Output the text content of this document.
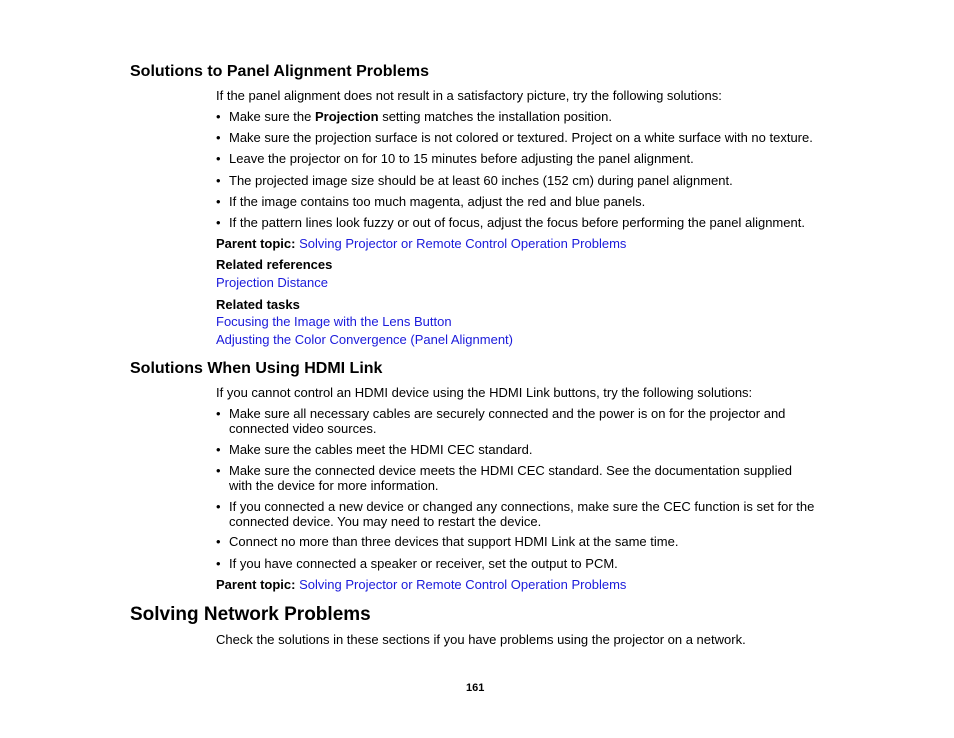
Solutions to Panel Alignment Problems
If the panel alignment does not result in a satisfactory picture, try the following solutions:
• Make sure the Projection setting matches the installation position.
• Make sure the projection surface is not colored or textured. Project on a white surface with no texture.
• Leave the projector on for 10 to 15 minutes before adjusting the panel alignment.
• The projected image size should be at least 60 inches (152 cm) during panel alignment.
• If the image contains too much magenta, adjust the red and blue panels.
• If the pattern lines look fuzzy or out of focus, adjust the focus before performing the panel alignment.
Parent topic: Solving Projector or Remote Control Operation Problems
Related references
Projection Distance
Related tasks
Focusing the Image with the Lens Button
Adjusting the Color Convergence (Panel Alignment)
Solutions When Using HDMI Link
If you cannot control an HDMI device using the HDMI Link buttons, try the following solutions:
• Make sure all necessary cables are securely connected and the power is on for the projector and
connected video sources.
• Make sure the cables meet the HDMI CEC standard.
• Make sure the connected device meets the HDMI CEC standard. See the documentation supplied
with the device for more information.
• If you connected a new device or changed any connections, make sure the CEC function is set for the
connected device. You may need to restart the device.
• Connect no more than three devices that support HDMI Link at the same time.
• If you have connected a speaker or receiver, set the output to PCM.
Parent topic: Solving Projector or Remote Control Operation Problems
Solving Network Problems
Check the solutions in these sections if you have problems using the projector on a network.
161
